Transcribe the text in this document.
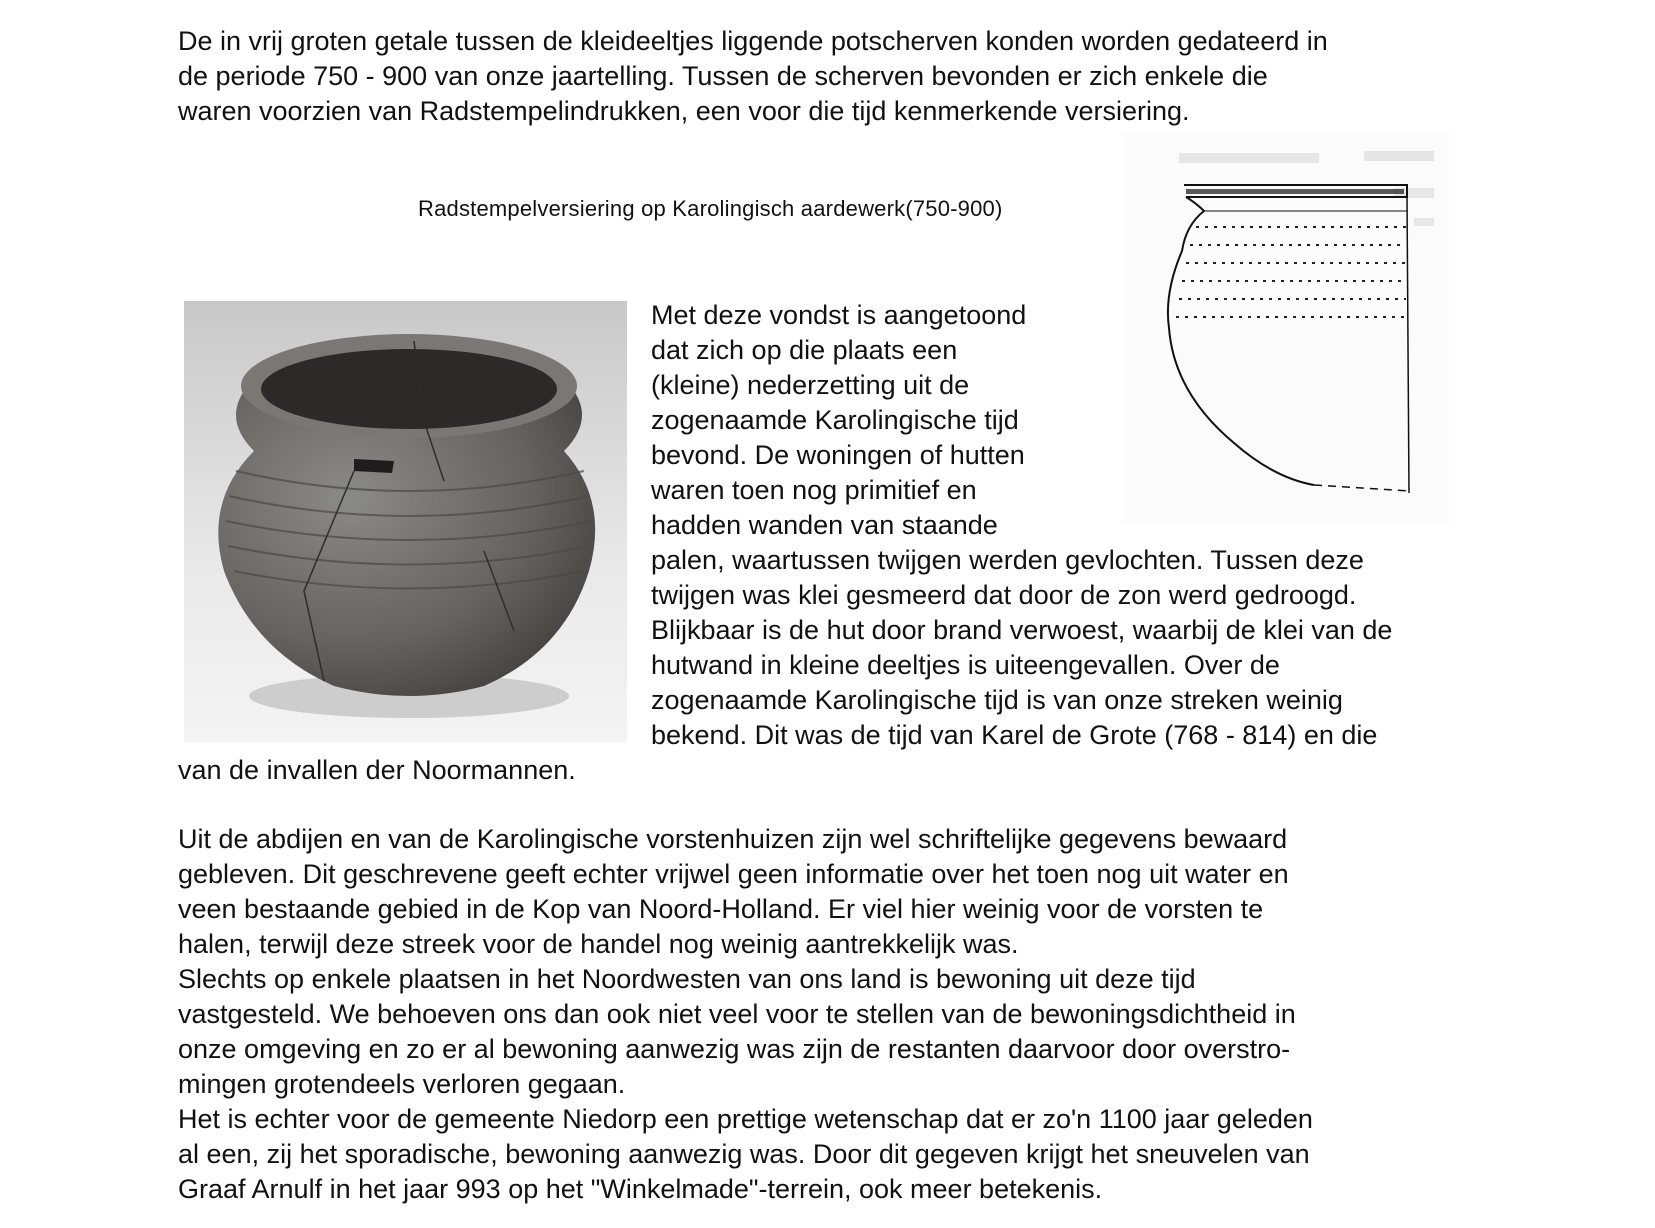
De in vrij groten getale tussen de kleideeltjes liggende potscherven konden worden gedateerd in
de periode 750 - 900 van onze jaartelling. Tussen de scherven bevonden er zich enkele die
waren voorzien van Radstempelindrukken, een voor die tijd kenmerkende versiering.
Radstempelversiering op Karolingisch aardewerk(750-900)
Met deze vondst is aangetoond
dat zich op die plaats een
(kleine) nederzetting uit de
zogenaamde Karolingische tijd
bevond. De woningen of hutten
waren toen nog primitief en
hadden wanden van staande
palen, waartussen twijgen werden gevlochten. Tussen deze
twijgen was klei gesmeerd dat door de zon werd gedroogd.
Blijkbaar is de hut door brand verwoest, waarbij de klei van de
hutwand in kleine deeltjes is uiteengevallen. Over de
zogenaamde Karolingische tijd is van onze streken weinig
bekend. Dit was de tijd van Karel de Grote (768 - 814) en die
van de invallen der Noormannen.
Uit de abdijen en van de Karolingische vorstenhuizen zijn wel schriftelijke gegevens bewaard
gebleven. Dit geschrevene geeft echter vrijwel geen informatie over het toen nog uit water en
veen bestaande gebied in de Kop van Noord-Holland. Er viel hier weinig voor de vorsten te
halen, terwijl deze streek voor de handel nog weinig aantrekkelijk was.
Slechts op enkele plaatsen in het Noordwesten van ons land is bewoning uit deze tijd
vastgesteld. We behoeven ons dan ook niet veel voor te stellen van de bewoningsdichtheid in
onze omgeving en zo er al bewoning aanwezig was zijn de restanten daarvoor door overstro-
mingen grotendeels verloren gegaan.
Het is echter voor de gemeente Niedorp een prettige wetenschap dat er zo'n 1100 jaar geleden
al een, zij het sporadische, bewoning aanwezig was. Door dit gegeven krijgt het sneuvelen van
Graaf Arnulf in het jaar 993 op het "Winkelmade"-terrein, ook meer betekenis.
